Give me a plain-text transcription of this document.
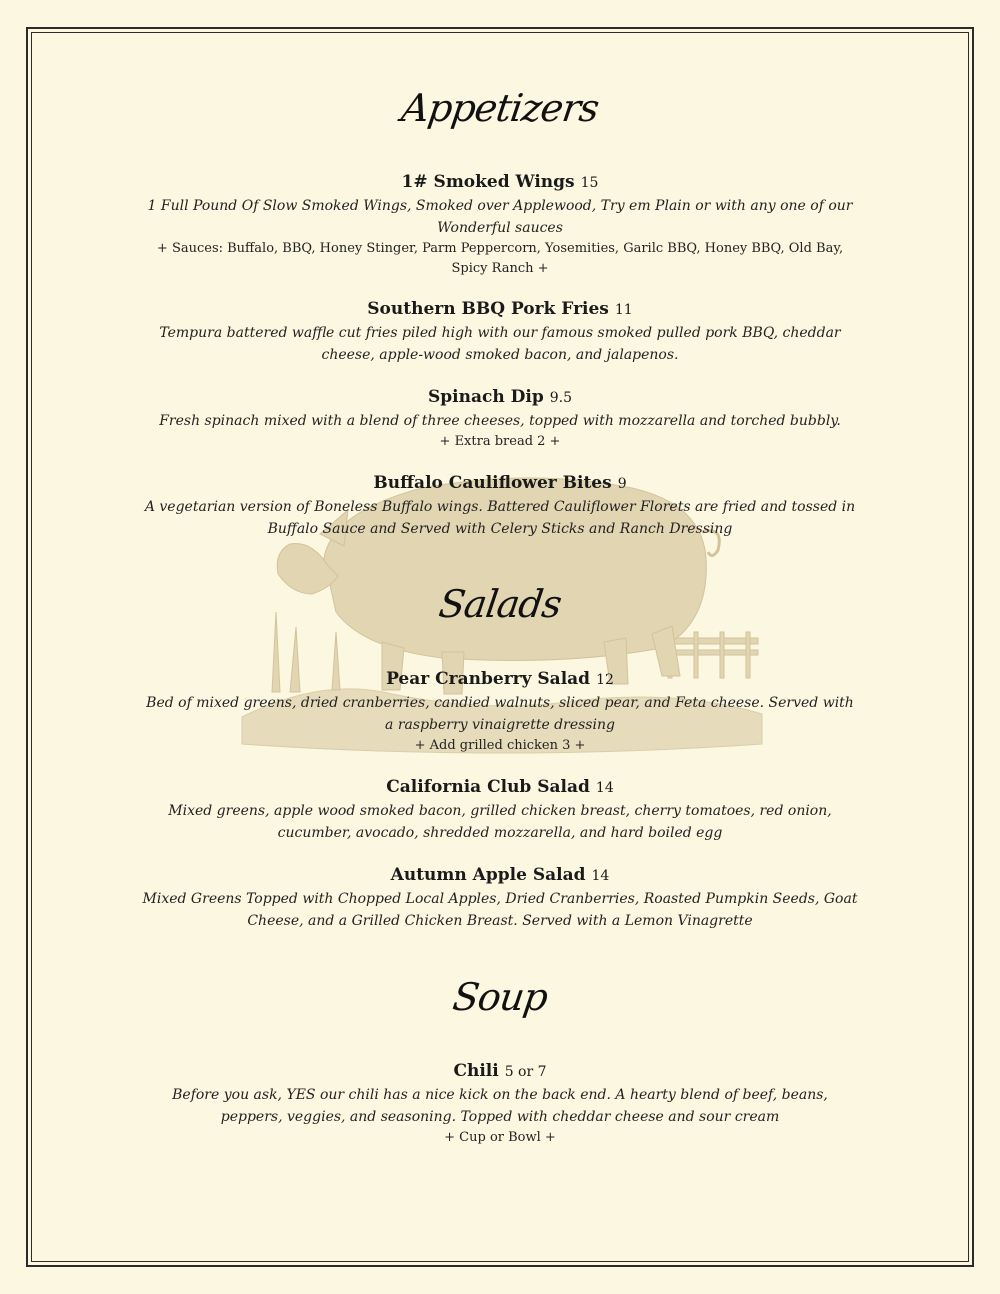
Appetizers
1# Smoked Wings 15
1 Full Pound Of Slow Smoked Wings, Smoked over Applewood, Try em Plain or with any one of our Wonderful sauces
+ Sauces: Buffalo, BBQ, Honey Stinger, Parm Peppercorn, Yosemities, Garilc BBQ, Honey BBQ, Old Bay, Spicy Ranch +
Southern BBQ Pork Fries 11
Tempura battered waffle cut fries piled high with our famous smoked pulled pork BBQ, cheddar cheese, apple-wood smoked bacon, and jalapenos.
Spinach Dip 9.5
Fresh spinach mixed with a blend of three cheeses, topped with mozzarella and torched bubbly.
+ Extra bread 2 +
Buffalo Cauliflower Bites 9
A vegetarian version of Boneless Buffalo wings. Battered Cauliflower Florets are fried and tossed in Buffalo Sauce and Served with Celery Sticks and Ranch Dressing
Salads
Pear Cranberry Salad 12
Bed of mixed greens, dried cranberries, candied walnuts, sliced pear, and Feta cheese. Served with a raspberry vinaigrette dressing
+ Add grilled chicken 3 +
California Club Salad 14
Mixed greens, apple wood smoked bacon, grilled chicken breast, cherry tomatoes, red onion, cucumber, avocado, shredded mozzarella, and hard boiled egg
Autumn Apple Salad 14
Mixed Greens Topped with Chopped Local Apples, Dried Cranberries, Roasted Pumpkin Seeds, Goat Cheese, and a Grilled Chicken Breast. Served with a Lemon Vinagrette
Soup
Chili 5 or 7
Before you ask, YES our chili has a nice kick on the back end. A hearty blend of beef, beans, peppers, veggies, and seasoning. Topped with cheddar cheese and sour cream
+ Cup or Bowl +
